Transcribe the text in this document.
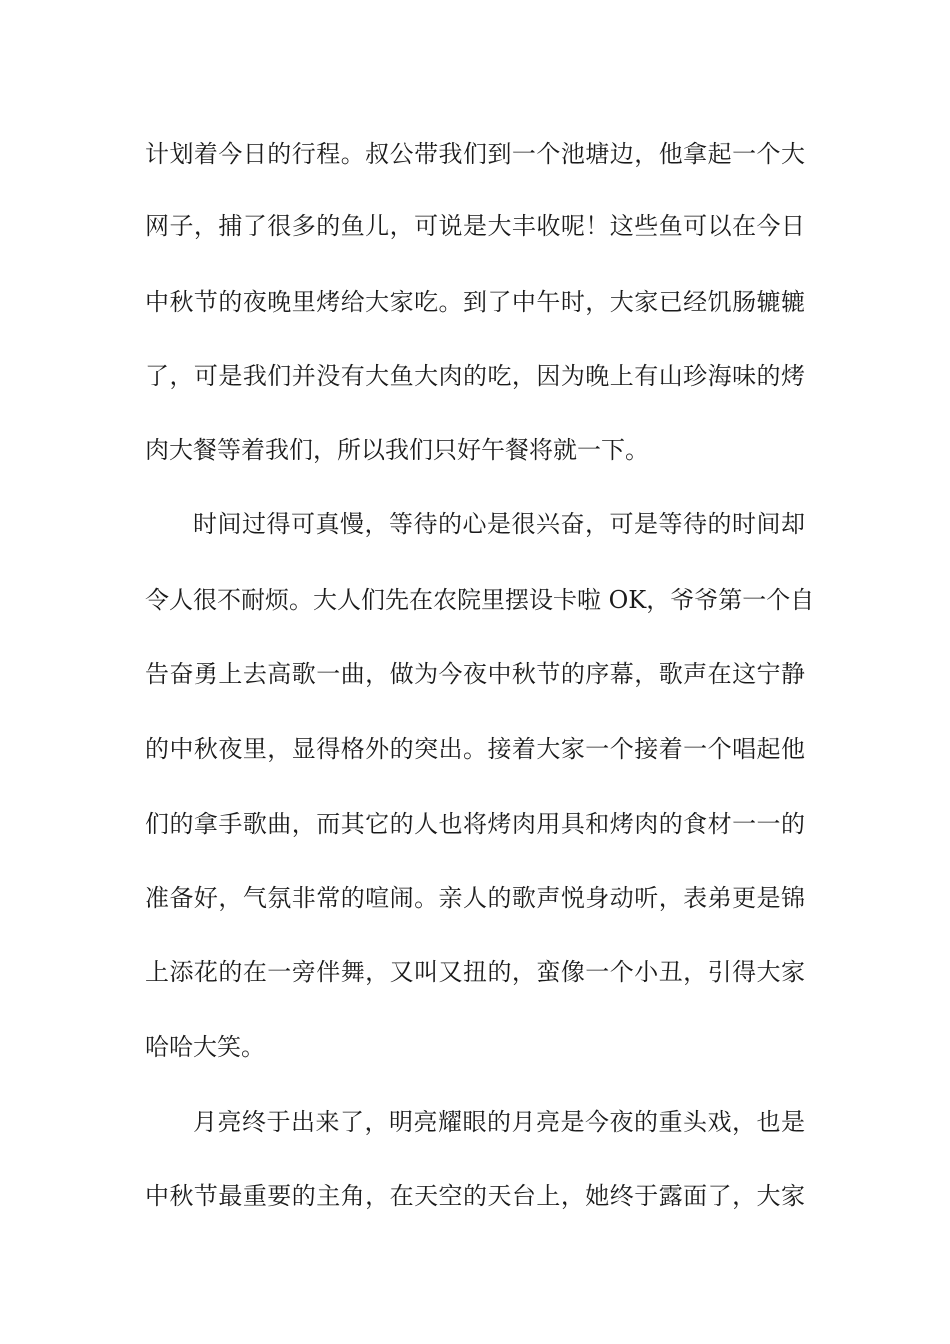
计划着今日的行程。叔公带我们到一个池塘边，他拿起一个大
网子，捕了很多的鱼儿，可说是大丰收呢！这些鱼可以在今日
中秋节的夜晚里烤给大家吃。到了中午时，大家已经饥肠辘辘
了，可是我们并没有大鱼大肉的吃，因为晚上有山珍海味的烤
肉大餐等着我们，所以我们只好午餐将就一下。
时间过得可真慢，等待的心是很兴奋，可是等待的时间却
令人很不耐烦。大人们先在农院里摆设卡啦 OK，爷爷第一个自
告奋勇上去高歌一曲，做为今夜中秋节的序幕，歌声在这宁静
的中秋夜里，显得格外的突出。接着大家一个接着一个唱起他
们的拿手歌曲，而其它的人也将烤肉用具和烤肉的食材一一的
准备好，气氛非常的喧闹。亲人的歌声悦身动听，表弟更是锦
上添花的在一旁伴舞，又叫又扭的，蛮像一个小丑，引得大家
哈哈大笑。
月亮终于出来了，明亮耀眼的月亮是今夜的重头戏，也是
中秋节最重要的主角，在天空的天台上，她终于露面了，大家
